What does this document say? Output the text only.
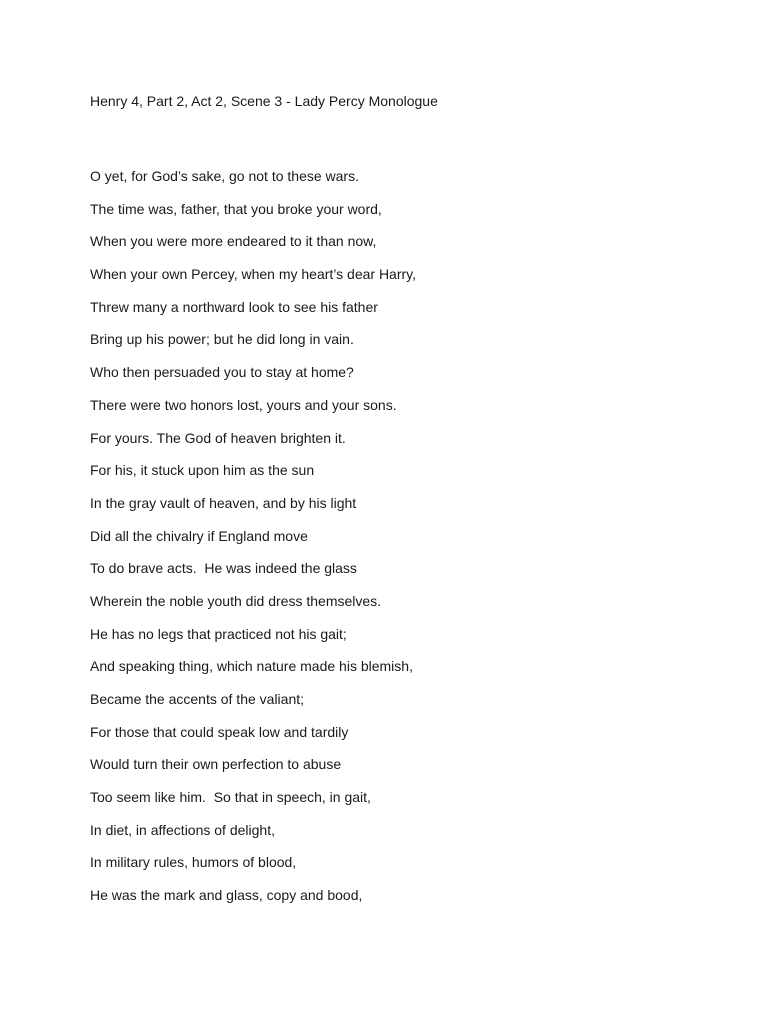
Henry 4, Part 2, Act 2, Scene 3 - Lady Percy Monologue
O yet, for God’s sake, go not to these wars.
The time was, father, that you broke your word,
When you were more endeared to it than now,
When your own Percey, when my heart’s dear Harry,
Threw many a northward look to see his father
Bring up his power; but he did long in vain.
Who then persuaded you to stay at home?
There were two honors lost, yours and your sons.
For yours. The God of heaven brighten it.
For his, it stuck upon him as the sun
In the gray vault of heaven, and by his light
Did all the chivalry if England move
To do brave acts.  He was indeed the glass
Wherein the noble youth did dress themselves.
He has no legs that practiced not his gait;
And speaking thing, which nature made his blemish,
Became the accents of the valiant;
For those that could speak low and tardily
Would turn their own perfection to abuse
Too seem like him.  So that in speech, in gait,
In diet, in affections of delight,
In military rules, humors of blood,
He was the mark and glass, copy and bood,
